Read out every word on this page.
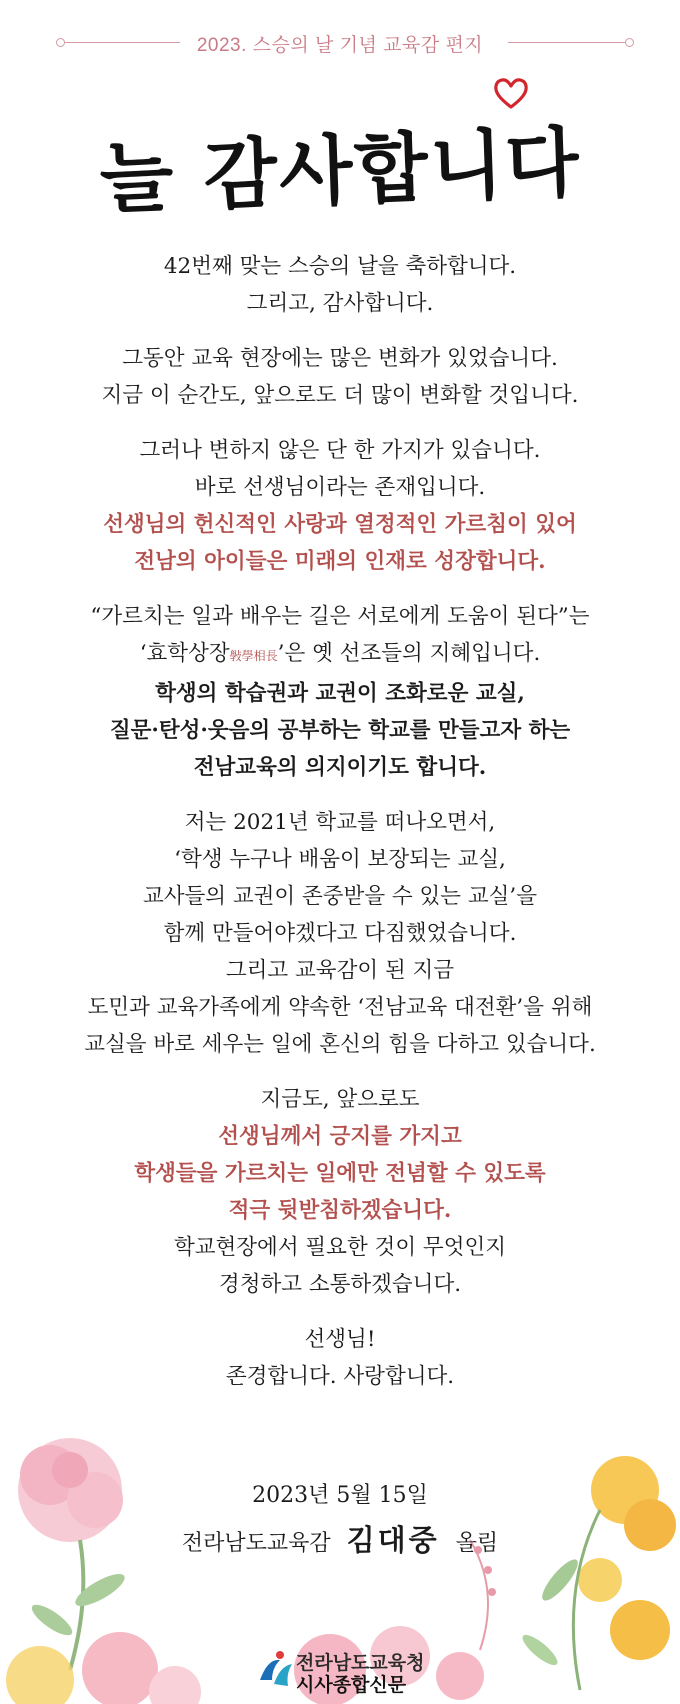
2023. 스승의 날 기념 교육감 편지
늘 감사합니다
42번째 맞는 스승의 날을 축하합니다.
그리고, 감사합니다.
그동안 교육 현장에는 많은 변화가 있었습니다.
지금 이 순간도, 앞으로도 더 많이 변화할 것입니다.
그러나 변하지 않은 단 한 가지가 있습니다.
바로 선생님이라는 존재입니다.
선생님의 헌신적인 사랑과 열정적인 가르침이 있어
전남의 아이들은 미래의 인재로 성장합니다.
“가르치는 일과 배우는 길은 서로에게 도움이 된다”는
‘효학상장斅學相長’은 옛 선조들의 지혜입니다.
학생의 학습권과 교권이 조화로운 교실,
질문·탄성·웃음의 공부하는 학교를 만들고자 하는
전남교육의 의지이기도 합니다.
저는 2021년 학교를 떠나오면서,
‘학생 누구나 배움이 보장되는 교실,
교사들의 교권이 존중받을 수 있는 교실’을
함께 만들어야겠다고 다짐했었습니다.
그리고 교육감이 된 지금
도민과 교육가족에게 약속한 ‘전남교육 대전환’을 위해
교실을 바로 세우는 일에 혼신의 힘을 다하고 있습니다.
지금도, 앞으로도
선생님께서 긍지를 가지고
학생들을 가르치는 일에만 전념할 수 있도록
적극 뒷받침하겠습니다.
학교현장에서 필요한 것이 무엇인지
경청하고 소통하겠습니다.
선생님!
존경합니다. 사랑합니다.
2023년 5월 15일
전라남도교육감 김대중 올림
전라남도교육청
시사종합신문
